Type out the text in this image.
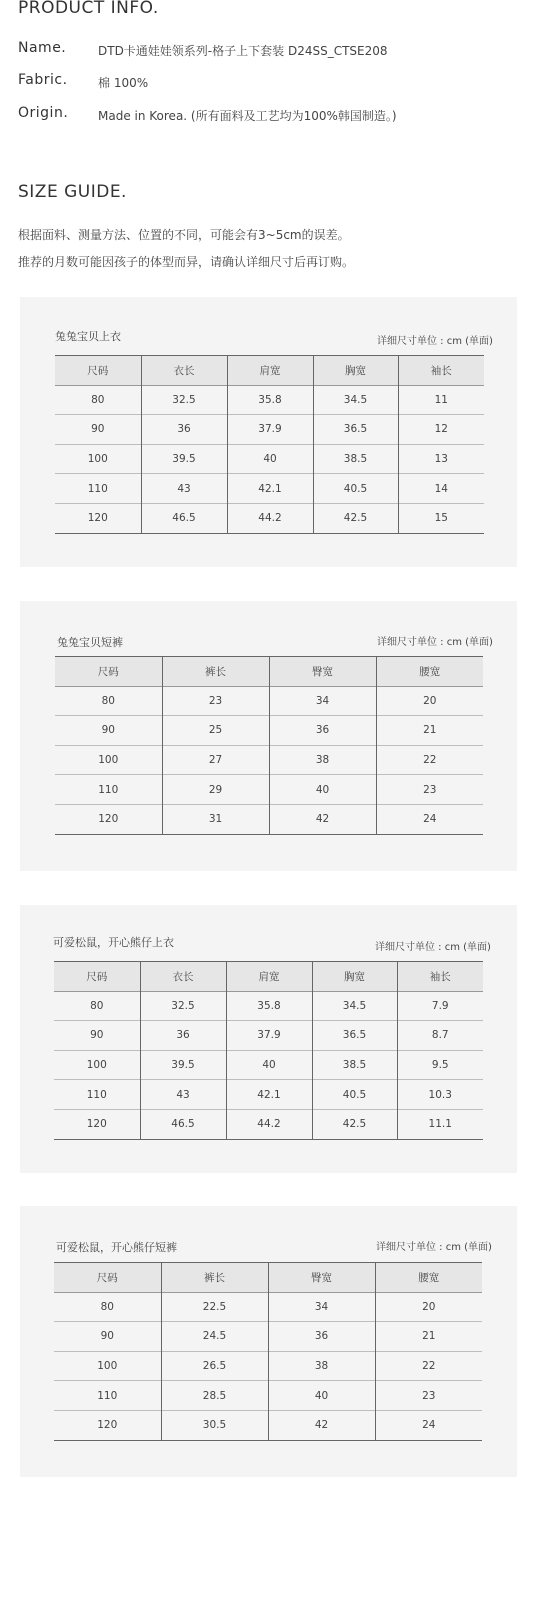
PRODUCT INFO.
Name.	DTD卡通娃娃领系列-格子上下套装 D24SS_CTSE208
Fabric.	棉 100%
Origin. Made in Korea. (所有面料及工艺均为100%韩国制造。)
SIZE GUIDE.
根据面料、测量方法、位置的不同，可能会有3~5cm的误差。
推荐的月数可能因孩子的体型而异，请确认详细尺寸后再订购。
兔兔宝贝上衣	详细尺寸单位 : cm (单面)
尺码	衣长	肩宽	胸宽	袖长
80	32.5	35.8	34.5	11
90	36	37.9	36.5	12
100	39.5	40	38.5	13
110	43	42.1	40.5	14
120	46.5	44.2	42.5	15
兔兔宝贝短裤	详细尺寸单位 : cm (单面)
尺码	裤长	臀宽	腰宽
80	23	34	20
90	25	36	21
100	27	38	22
110	29	40	23
120	31	42	24
可爱松鼠，开心熊仔上衣	详细尺寸单位 : cm (单面)
尺码	衣长	肩宽	胸宽	袖长
80	32.5	35.8	34.5	7.9
90	36	37.9	36.5	8.7
100	39.5	40	38.5	9.5
110	43	42.1	40.5	10.3
120	46.5	44.2	42.5	11.1
可爱松鼠，开心熊仔短裤	详细尺寸单位 : cm (单面)
尺码	裤长	臀宽	腰宽
80	22.5	34	20
90	24.5	36	21
100	26.5	38	22
110	28.5	40	23
120	30.5	42	24
